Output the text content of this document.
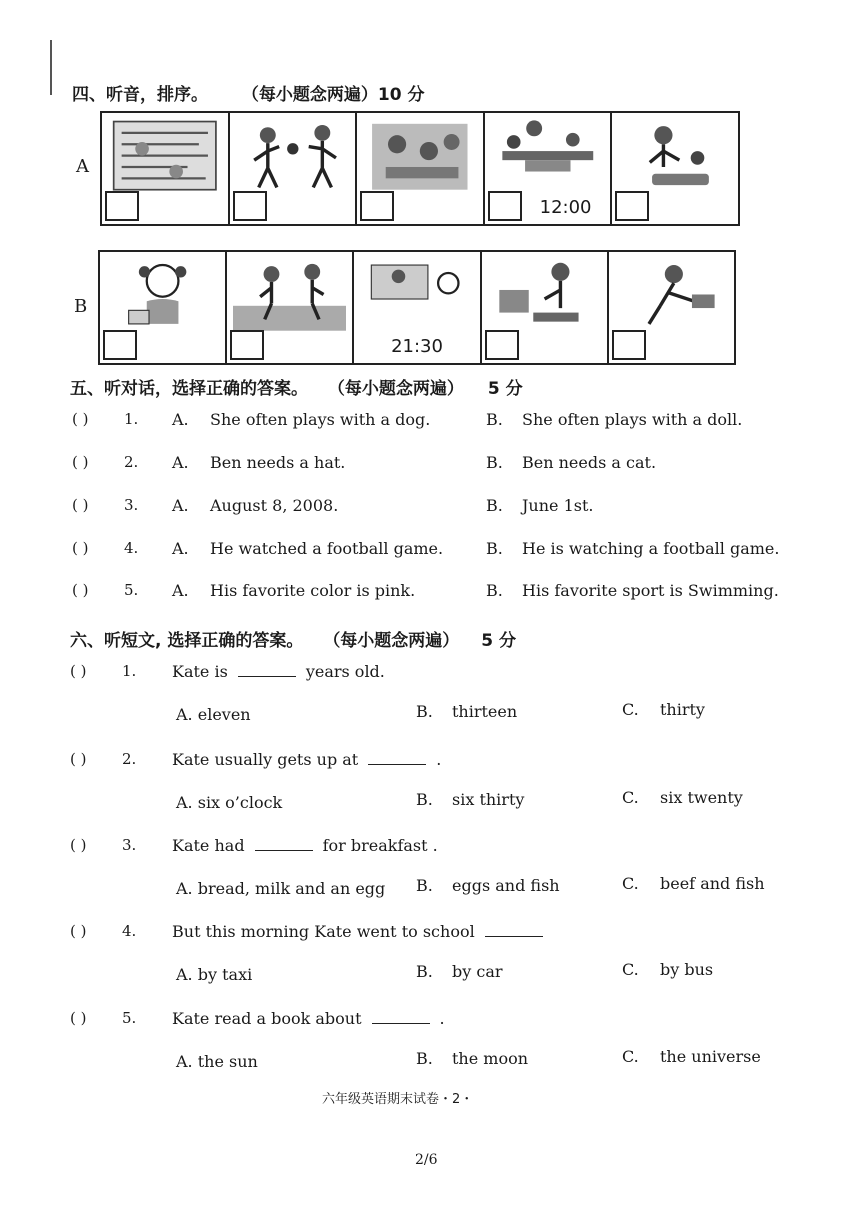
四、听音，排序。 （每小题念两遍）10 分
A
12:00
B
21:30
五、听对话，选择正确的答案。 （每小题念两遍） 5 分
( ) 1. A. She often plays with a dog.	B. She often plays with a doll.
( ) 2. A. Ben needs a hat.	B. Ben needs a cat.
( ) 3. A. August 8, 2008.	B. June 1st.
( ) 4. A. He watched a football game.	B. He is watching a football game.
( ) 5. A. His favorite color is pink.	B. His favorite sport is Swimming.
六、听短文, 选择正确的答案。 （每小题念两遍） 5 分
( ) 1. Kate is	years old.
A. eleven	B. thirteen	C. thirty
( ) 2. Kate usually gets up at	.
A. six o’clock	B. six thirty	C. six twenty
( ) 3. Kate had	for breakfast .
A. bread, milk and an egg B. eggs and fish	C. beef and fish
( ) 4. But this morning Kate went to school
A. by taxi	B. by car	C. by bus
( ) 5. Kate read a book about	.
A. the sun	B. the moon	C. the universe
六年级英语期末试卷・2・
2/6
